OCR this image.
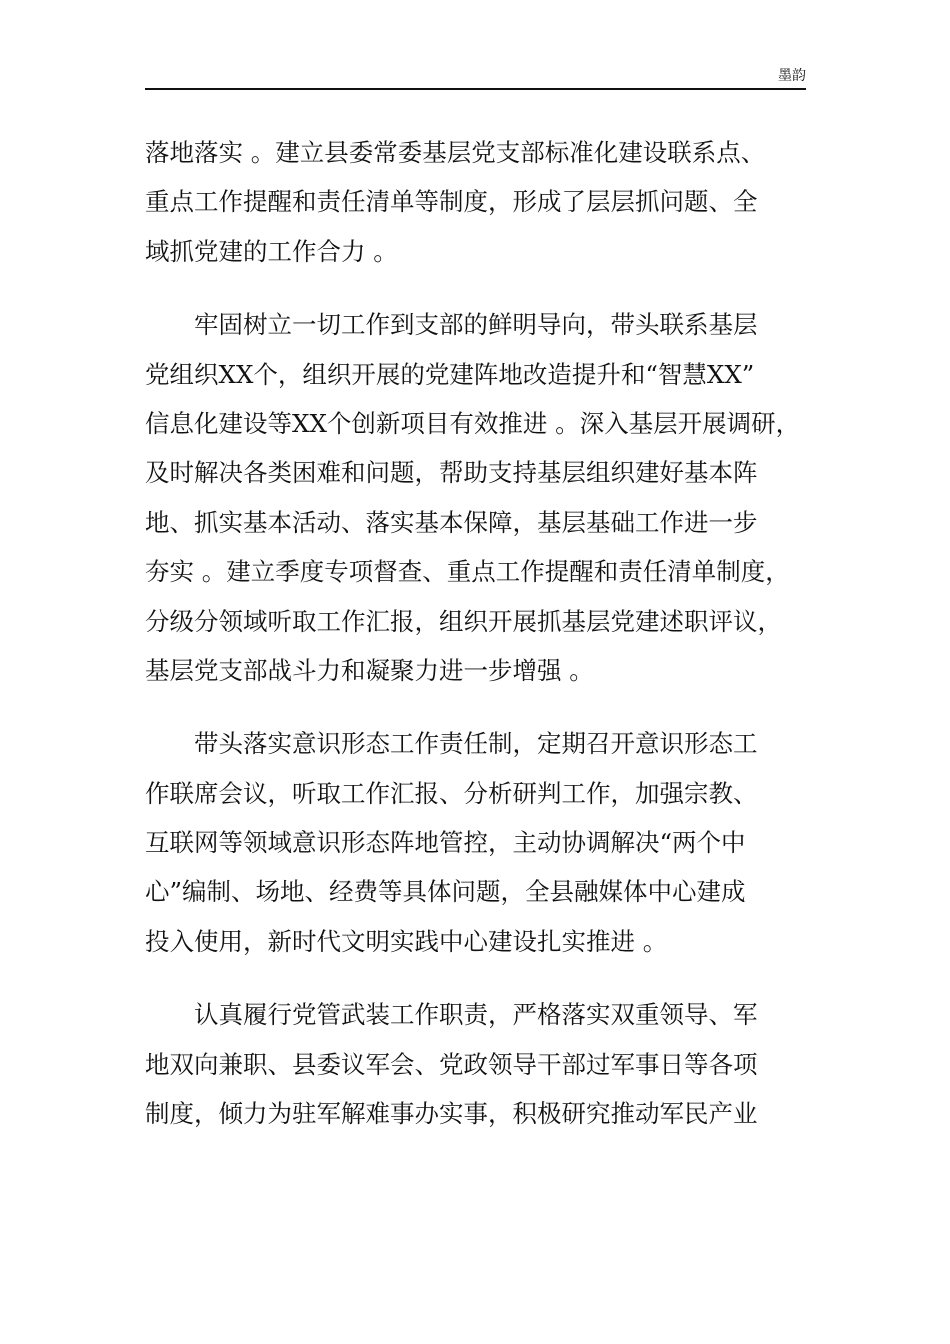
墨韵
落地落实 。建立县委常委基层党支部标准化建设联系点、
重点工作提醒和责任清单等制度，形成了层层抓问题、全
域抓党建的工作合力 。
牢固树立一切工作到支部的鲜明导向，带头联系基层
党组织XX个，组织开展的党建阵地改造提升和“智慧XX”
信息化建设等XX个创新项目有效推进 。深入基层开展调研，
及时解决各类困难和问题，帮助支持基层组织建好基本阵
地、抓实基本活动、落实基本保障，基层基础工作进一步
夯实 。建立季度专项督查、重点工作提醒和责任清单制度，
分级分领域听取工作汇报，组织开展抓基层党建述职评议，
基层党支部战斗力和凝聚力进一步增强 。
带头落实意识形态工作责任制，定期召开意识形态工
作联席会议，听取工作汇报、分析研判工作，加强宗教、
互联网等领域意识形态阵地管控，主动协调解决“两个中
心”编制、场地、经费等具体问题，全县融媒体中心建成
投入使用，新时代文明实践中心建设扎实推进 。
认真履行党管武装工作职责，严格落实双重领导、军
地双向兼职、县委议军会、党政领导干部过军事日等各项
制度，倾力为驻军解难事办实事，积极研究推动军民产业
